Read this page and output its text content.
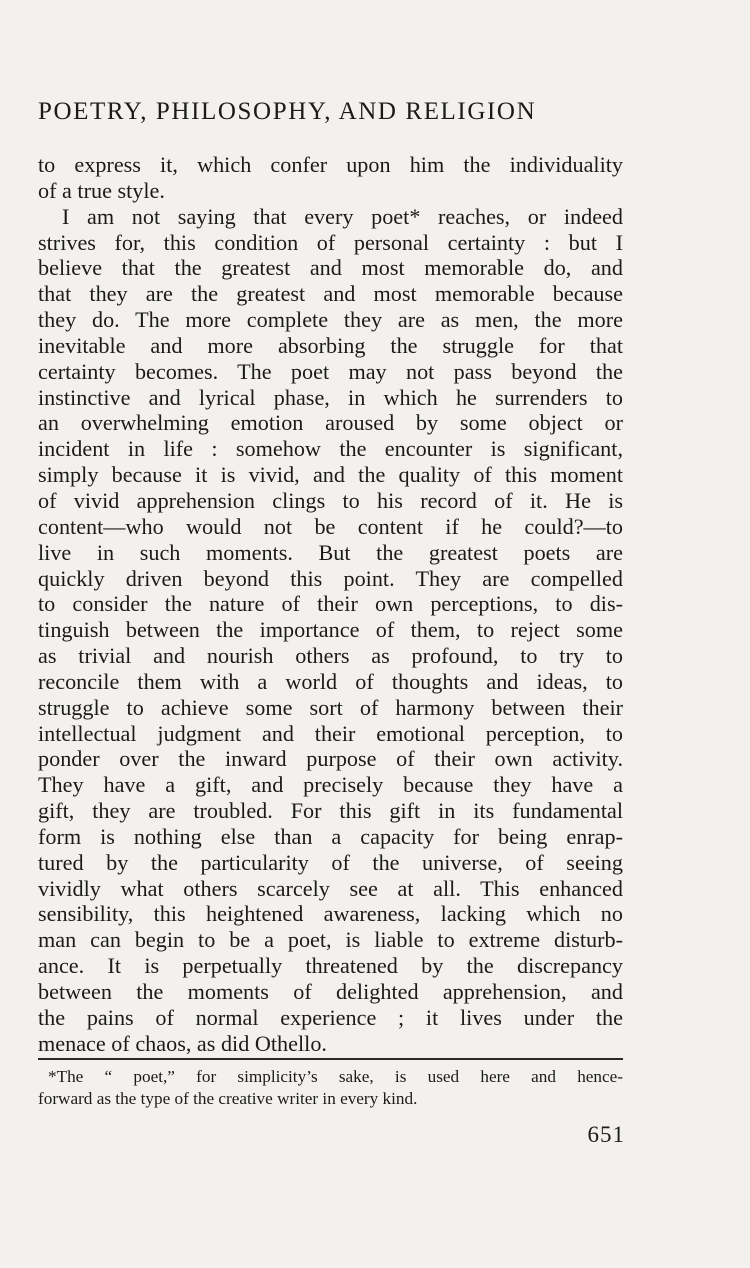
POETRY, PHILOSOPHY, AND RELIGION
to express it, which confer upon him the individuality
of a true style.
I am not saying that every poet* reaches, or indeed
strives for, this condition of personal certainty : but I
believe that the greatest and most memorable do, and
that they are the greatest and most memorable because
they do. The more complete they are as men, the more
inevitable and more absorbing the struggle for that
certainty becomes. The poet may not pass beyond the
instinctive and lyrical phase, in which he surrenders to
an overwhelming emotion aroused by some object or
incident in life : somehow the encounter is significant,
simply because it is vivid, and the quality of this moment
of vivid apprehension clings to his record of it. He is
content—who would not be content if he could?—to
live in such moments. But the greatest poets are
quickly driven beyond this point. They are compelled
to consider the nature of their own perceptions, to dis-
tinguish between the importance of them, to reject some
as trivial and nourish others as profound, to try to
reconcile them with a world of thoughts and ideas, to
struggle to achieve some sort of harmony between their
intellectual judgment and their emotional perception, to
ponder over the inward purpose of their own activity.
They have a gift, and precisely because they have a
gift, they are troubled. For this gift in its fundamental
form is nothing else than a capacity for being enrap-
tured by the particularity of the universe, of seeing
vividly what others scarcely see at all. This enhanced
sensibility, this heightened awareness, lacking which no
man can begin to be a poet, is liable to extreme disturb-
ance. It is perpetually threatened by the discrepancy
between the moments of delighted apprehension, and
the pains of normal experience ; it lives under the
menace of chaos, as did Othello.
*The “ poet,” for simplicity’s sake, is used here and hence-
forward as the type of the creative writer in every kind.
651
